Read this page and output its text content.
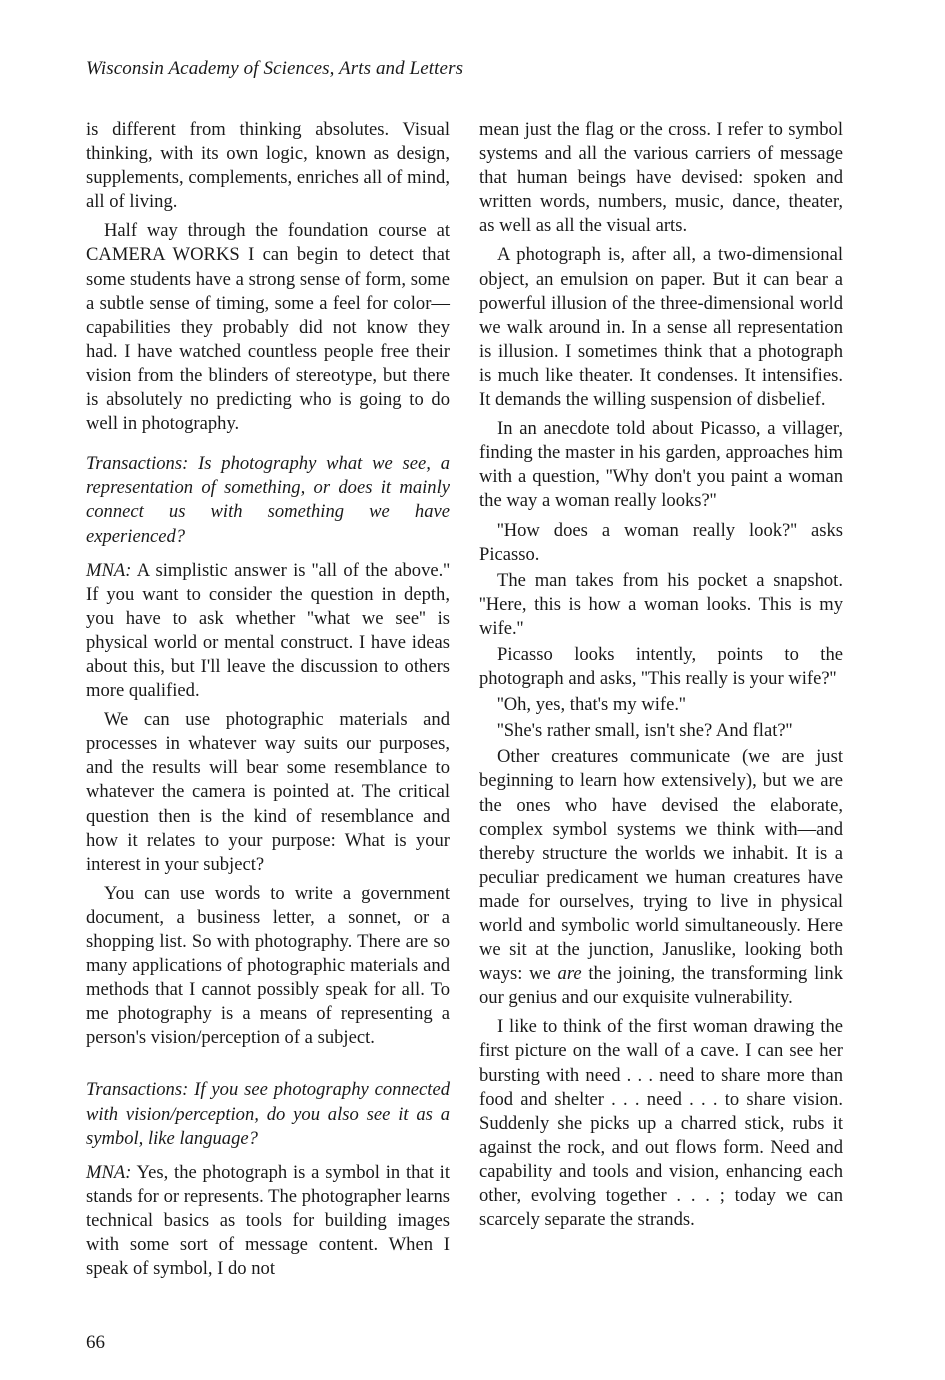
Wisconsin Academy of Sciences, Arts and Letters

is different from thinking absolutes. Visual thinking, with its own logic, known as design, supplements, complements, enriches all of mind, all of living.

Half way through the foundation course at CAMERA WORKS I can begin to detect that some students have a strong sense of form, some a subtle sense of timing, some a feel for color—capabilities they probably did not know they had. I have watched countless people free their vision from the blinders of stereotype, but there is absolutely no predicting who is going to do well in photography.

Transactions: Is photography what we see, a representation of something, or does it mainly connect us with something we have experienced?

MNA: A simplistic answer is ''all of the above.'' If you want to consider the question in depth, you have to ask whether ''what we see'' is physical world or mental construct. I have ideas about this, but I'll leave the discussion to others more qualified.

We can use photographic materials and processes in whatever way suits our purposes, and the results will bear some resemblance to whatever the camera is pointed at. The critical question then is the kind of resemblance and how it relates to your purpose: What is your interest in your subject?

You can use words to write a government document, a business letter, a sonnet, or a shopping list. So with photography. There are so many applications of photographic materials and methods that I cannot possibly speak for all. To me photography is a means of representing a person's vision/perception of a subject.

Transactions: If you see photography connected with vision/perception, do you also see it as a symbol, like language?

MNA: Yes, the photograph is a symbol in that it stands for or represents. The photographer learns technical basics as tools for building images with some sort of message content. When I speak of symbol, I do not

mean just the flag or the cross. I refer to symbol systems and all the various carriers of message that human beings have devised: spoken and written words, numbers, music, dance, theater, as well as all the visual arts.

A photograph is, after all, a two-dimensional object, an emulsion on paper. But it can bear a powerful illusion of the three-dimensional world we walk around in. In a sense all representation is illusion. I sometimes think that a photograph is much like theater. It condenses. It intensifies. It demands the willing suspension of disbelief.

In an anecdote told about Picasso, a villager, finding the master in his garden, approaches him with a question, ''Why don't you paint a woman the way a woman really looks?''

''How does a woman really look?'' asks Picasso.

The man takes from his pocket a snapshot. ''Here, this is how a woman looks. This is my wife.''

Picasso looks intently, points to the photograph and asks, ''This really is your wife?''

''Oh, yes, that's my wife.''

''She's rather small, isn't she? And flat?''

Other creatures communicate (we are just beginning to learn how extensively), but we are the ones who have devised the elaborate, complex symbol systems we think with—and thereby structure the worlds we inhabit. It is a peculiar predicament we human creatures have made for ourselves, trying to live in physical world and symbolic world simultaneously. Here we sit at the junction, Januslike, looking both ways: we are the joining, the transforming link our genius and our exquisite vulnerability.

I like to think of the first woman drawing the first picture on the wall of a cave. I can see her bursting with need . . . need to share more than food and shelter . . . need . . . to share vision. Suddenly she picks up a charred stick, rubs it against the rock, and out flows form. Need and capability and tools and vision, enhancing each other, evolving together . . . ; today we can scarcely separate the strands.

66
